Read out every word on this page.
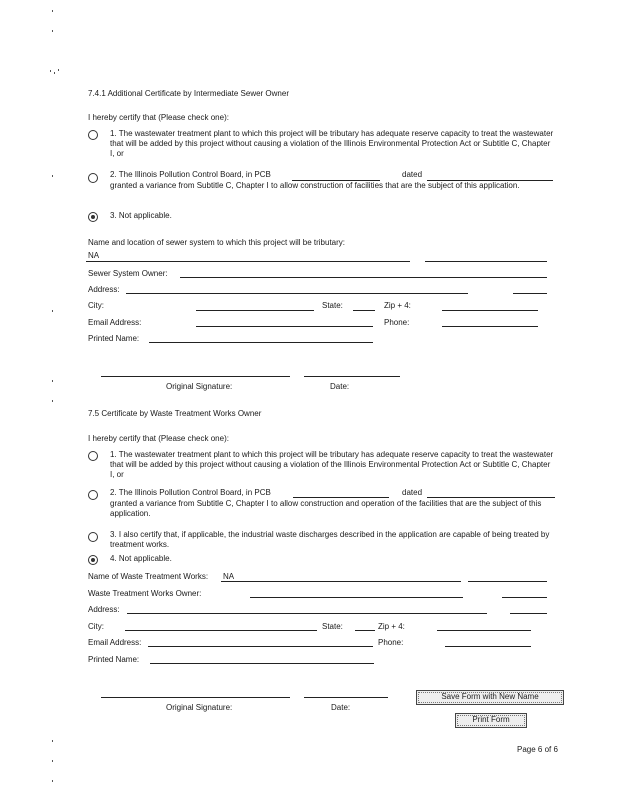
7.4.1 Additional Certificate by Intermediate Sewer Owner
I hereby certify that (Please check one):
1. The wastewater treatment plant to which this project will be tributary has adequate reserve capacity to treat the wastewater that will be added by this project without causing a violation of the Illinois Environmental Protection Act or Subtitle C, Chapter I, or
2. The Illinois Pollution Control Board, in PCB	dated
granted a variance from Subtitle C, Chapter I to allow construction of facilities that are the subject of this application.
3. Not applicable.
Name and location of sewer system to which this project will be tributary:
NA
Sewer System Owner:
Address:
City:	State:	Zip + 4:
Email Address:	Phone:
Printed Name:
Original Signature:	Date:
7.5 Certificate by Waste Treatment Works Owner
I hereby certify that (Please check one):
1. The wastewater treatment plant to which this project will be tributary has adequate reserve capacity to treat the wastewater that will be added by this project without causing a violation of the Illinois Environmental Protection Act or Subtitle C, Chapter I, or
2. The Illinois Pollution Control Board, in PCB	dated
granted a variance from Subtitle C, Chapter I to allow construction and operation of the facilities that are the subject of this application.
3. I also certify that, if applicable, the industrial waste discharges described in the application are capable of being treated by treatment works.
4. Not applicable.
Name of Waste Treatment Works: NA
Waste Treatment Works Owner:
Address:
City:	State:	Zip + 4:
Email Address:	Phone:
Printed Name:
Original Signature:	Date:
Save Form with New Name
Print Form
Page 6 of 6
